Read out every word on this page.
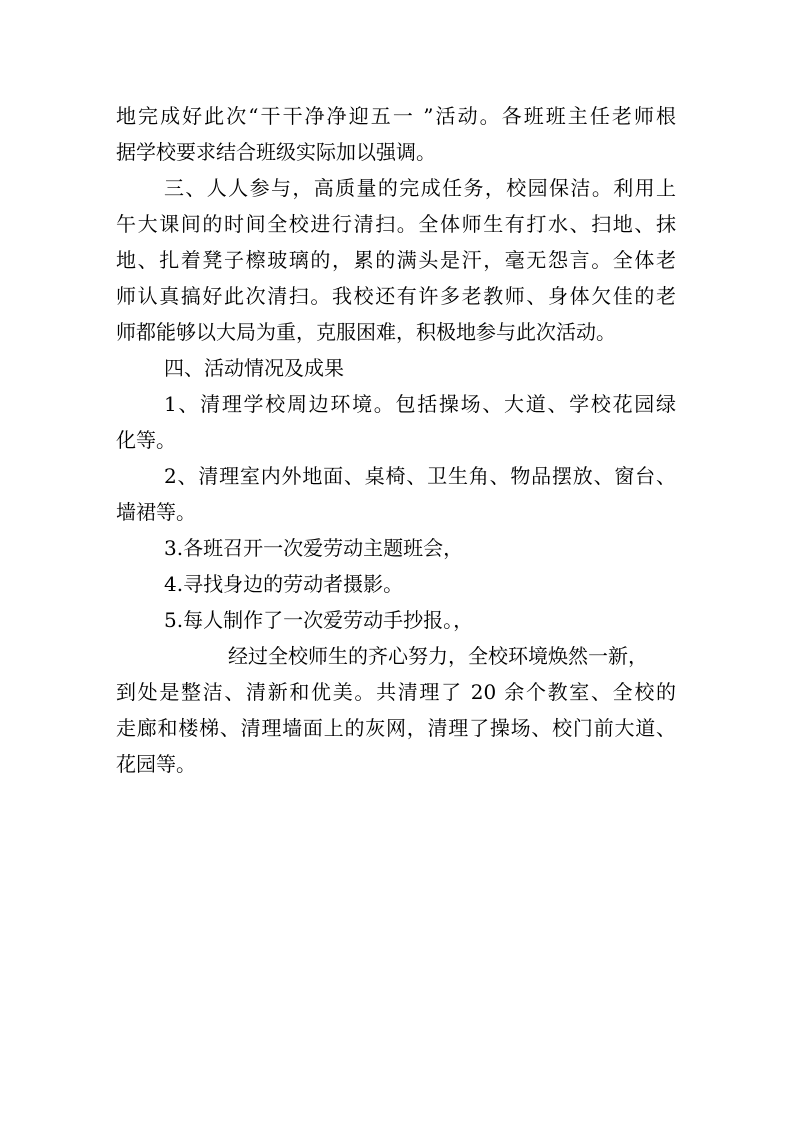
地完成好此次“干干净净迎五一 ”活动。各班班主任老师根
据学校要求结合班级实际加以强调。
三、人人参与，高质量的完成任务，校园保洁。利用上
午大课间的时间全校进行清扫。全体师生有打水、扫地、抹
地、扎着凳子檫玻璃的，累的满头是汗，毫无怨言。全体老
师认真搞好此次清扫。我校还有许多老教师、身体欠佳的老
师都能够以大局为重，克服困难，积极地参与此次活动。
四、活动情况及成果
1、清理学校周边环境。包括操场、大道、学校花园绿
化等。
2、清理室内外地面、桌椅、卫生角、物品摆放、窗台、
墙裙等。
3.各班召开一次爱劳动主题班会，
4.寻找身边的劳动者摄影。
5.每人制作了一次爱劳动手抄报。，
经过全校师生的齐心努力，全校环境焕然一新，
到处是整洁、清新和优美。共清理了 20 余个教室、全校的
走廊和楼梯、清理墙面上的灰网，清理了操场、校门前大道、
花园等。
